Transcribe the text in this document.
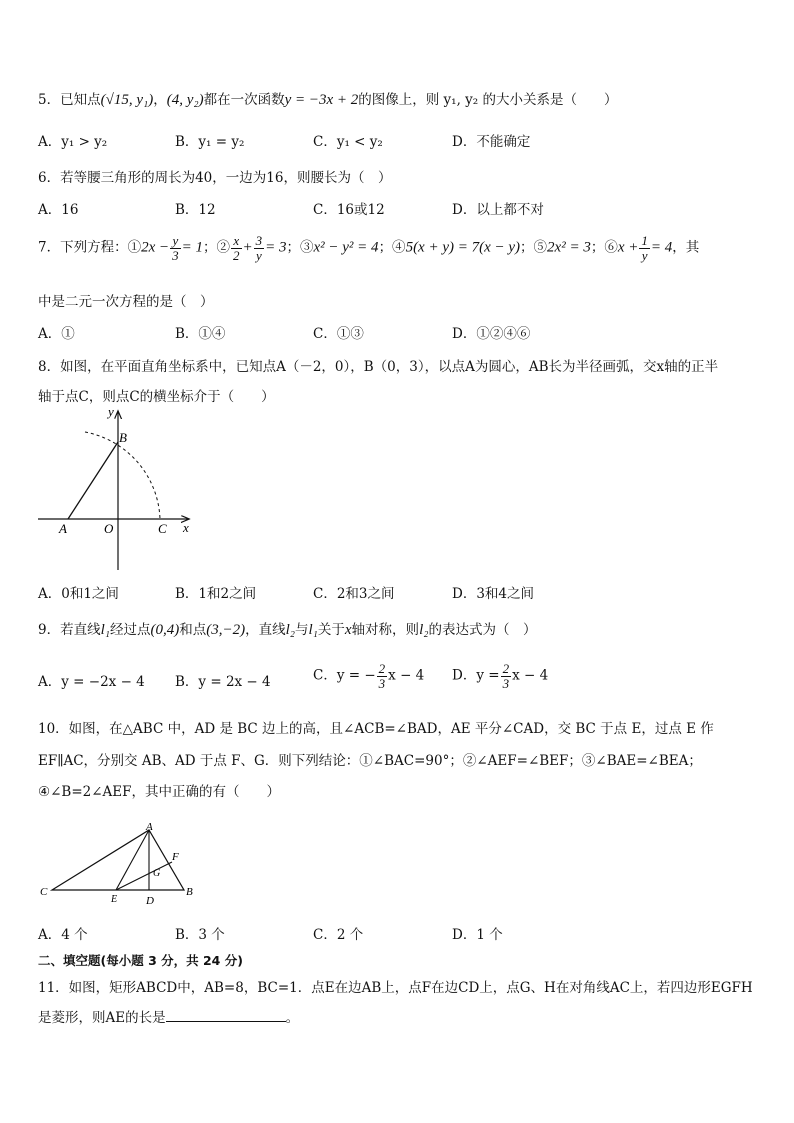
5．已知点(√15, y₁)，(4, y₂)都在一次函数y = −3x + 2的图像上，则 y₁, y₂ 的大小关系是（　　）
A．y₁ > y₂	B．y₁ = y₂	C．y₁ < y₂	D．不能确定
6．若等腰三角形的周长为40，一边为16，则腰长为（　）
A．16	B．12	C．16或12	D．以上都不对
7．下列方程：①2x − $\frac{y}{3} = 1$；② $\frac{x}{2} + \frac{3}{y} = 3$；③x² − y² = 4；④5(x + y) = 7(x − y)；⑤2x² = 3；⑥x + $\frac{1}{y} = 4$，其
中是二元一次方程的是（　）
A．①	B．①④	C．①③	D．①②④⑥
8．如图，在平面直角坐标系中，已知点A（－2，0），B（0，3），以点A为圆心，AB长为半径画弧，交x轴的正半
轴于点C，则点C的横坐标介于（　　）
y
x
B
A	O	C
A．0和1之间	B．1和2之间	C．2和3之间	D．3和4之间
9．若直线l₁经过点(0,4)和点(3,−2)，直线l₂与l₁关于x轴对称，则l₂的表达式为（　）
A．y = −2x − 4 B．y = 2x − 4	C．y = − $\frac{2}{3}$ x − 4 D．$y = \frac{2}{3}$ x − 4
10．如图，在△ABC 中，AD 是 BC 边上的高，且∠ACB=∠BAD，AE 平分∠CAD，交 BC 于点 E，过点 E 作
EF∥AC，分别交 AB、AD 于点 F、G．则下列结论：①∠BAC=90°；②∠AEF=∠BEF；③∠BAE=∠BEA；
④∠B=2∠AEF，其中正确的有（　　）
A
F
G
C
E	D
B
A．4 个	B．3 个	C．2 个	D．1 个
二、填空题(每小题 3 分，共 24 分)
11．如图，矩形ABCD中，AB=8，BC=1．点E在边AB上，点F在边CD上，点G、H在对角线AC上，若四边形EGFH
是菱形，则AE的长是	。
